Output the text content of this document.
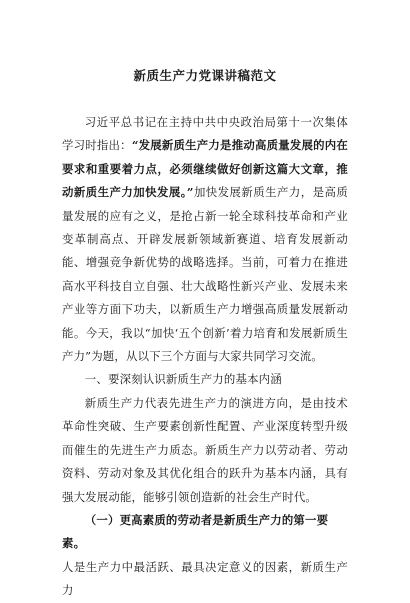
新质生产力党课讲稿范文

习近平总书记在主持中共中央政治局第十一次集体学习时指出：“发展新质生产力是推动高质量发展的内在要求和重要着力点，必须继续做好创新这篇大文章，推动新质生产力加快发展。”加快发展新质生产力，是高质量发展的应有之义，是抢占新一轮全球科技革命和产业变革制高点、开辟发展新领域新赛道、培育发展新动能、增强竞争新优势的战略选择。当前，可着力在推进高水平科技自立自强、壮大战略性新兴产业、发展未来产业等方面下功夫，以新质生产力增强高质量发展新动能。今天，我以“加快‘五个创新’着力培育和发展新质生产力”为题，从以下三个方面与大家共同学习交流。

一、要深刻认识新质生产力的基本内涵

新质生产力代表先进生产力的演进方向，是由技术革命性突破、生产要素创新性配置、产业深度转型升级而催生的先进生产力质态。新质生产力以劳动者、劳动资料、劳动对象及其优化组合的跃升为基本内涵，具有强大发展动能，能够引领创造新的社会生产时代。

（一）更高素质的劳动者是新质生产力的第一要素。

人是生产力中最活跃、最具决定意义的因素，新质生产力
